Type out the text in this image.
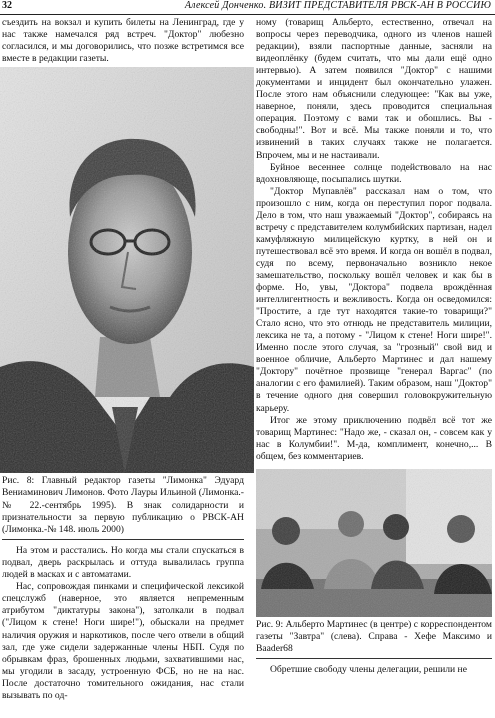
32	Алексей Донченко. ВИЗИТ ПРЕДСТАВИТЕЛЯ РВСК-АН В РОССИЮ

съездить на вокзал и купить билеты на Ленинград, где у нас также намечался ряд встреч. "Доктор" любезно согласился, и мы договорились, что позже встретимся все вместе в редакции газеты.

Рис. 8: Главный редактор газеты "Лимонка" Эдуард Вениаминович Лимонов. Фото Лауры Ильиной (Лимонка.-№ 22.-сентябрь 1995). В знак солидарности и признательности за первую публикацию о РВСК-АН (Лимонка.-№ 148. июль 2000)

На этом и расстались. Но когда мы стали спускаться в подвал, дверь раскрылась и оттуда вывалилась группа людей в масках и с автоматами.

Нас, сопровождая пинками и специфической лексикой спецслужб (наверное, это является непременным атрибутом "диктатуры закона"), затолкали в подвал ("Лицом к стене! Ноги шире!"), обыскали на предмет наличия оружия и наркотиков, после чего отвели в общий зал, где уже сидели задержанные члены НБП. Судя по обрывкам фраз, брошенных людьми, захватившими нас, мы угодили в засаду, устроенную ФСБ, но не на нас. После достаточно томительного ожидания, нас стали вызывать по од-

ному (товарищ Альберто, естественно, отвечал на вопросы через переводчика, одного из членов нашей редакции), взяли паспортные данные, засняли на видеоплёнку (будем считать, что мы дали ещё одно интервью). А затем появился "Доктор" с нашими документами и инцидент был окончательно улажен. После этого нам объяснили следующее: "Как вы уже, наверное, поняли, здесь проводится специальная операция. Поэтому с вами так и обошлись. Вы - свободны!". Вот и всё. Мы также поняли и то, что извинений в таких случаях также не полагается. Впрочем, мы и не настаивали.

Буйное весеннее солнце подействовало на нас вдохновляюще, посыпались шутки.

"Доктор Мупавлёв" рассказал нам о том, что произошло с ним, когда он переступил порог подвала. Дело в том, что наш уважаемый "Доктор", собираясь на встречу с представителем колумбийских партизан, надел камуфляжную милицейскую куртку, в ней он и путешествовал всё это время. И когда он вошёл в подвал, судя по всему, первоначально возникло некое замешательство, поскольку вошёл человек и как бы в форме. Но, увы, "Доктора" подвела врождённая интеллигентность и вежливость. Когда он осведомился: "Простите, а где тут находятся такие-то товарищи?" Стало ясно, что это отнюдь не представитель милиции, лексика не та, а потому - "Лицом к стене! Ноги шире!". Именно после этого случая, за "грозный" свой вид и военное обличие, Альберто Мартинес и дал нашему "Доктору" почётное прозвище "генерал Варгас" (по аналогии с его фамилией). Таким образом, наш "Доктор" в течение одного дня совершил головокружительную карьеру.

Итог же этому приключению подвёл всё тот же товарищ Мартинес: "Надо же, - сказал он, - совсем как у нас в Колумбии!". М-да, комплимент, конечно,... В общем, без комментариев.

Рис. 9: Альберто Мартинес (в центре) с корреспондентом газеты "Завтра" (слева). Справа - Хефе Максимо и Baader68

Обретшие свободу члены делегации, решили не
